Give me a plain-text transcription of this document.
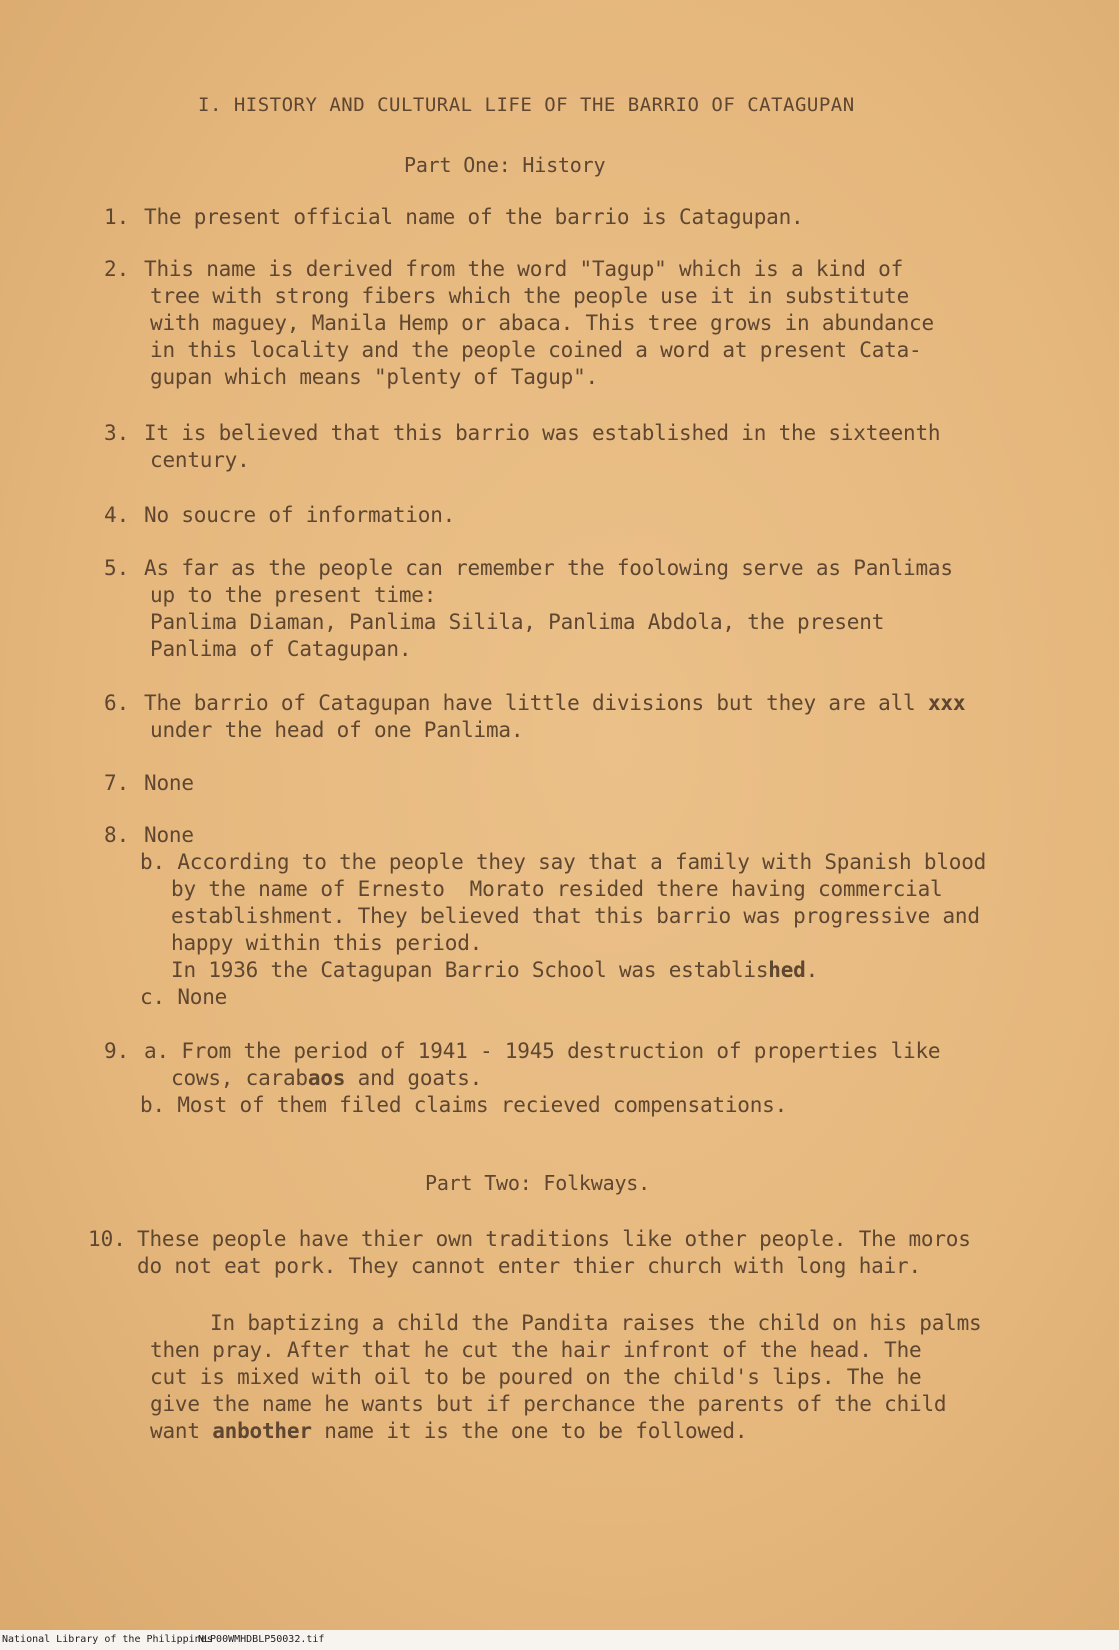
I. HISTORY AND CULTURAL LIFE OF THE BARRIO OF CATAGUPAN
Part One: History
1. The present official name of the barrio is Catagupan.
2. This name is derived from the word "Tagup" which is a kind of
tree with strong fibers which the people use it in substitute
with maguey, Manila Hemp or abaca. This tree grows in abundance
in this locality and the people coined a word at present Cata-
gupan which means "plenty of Tagup".
3. It is believed that this barrio was established in the sixteenth
century.
4. No soucre of information.
5. As far as the people can remember the foolowing serve as Panlimas
up to the present time:
Panlima Diaman, Panlima Silila, Panlima Abdola, the present
Panlima of Catagupan.
6. The barrio of Catagupan have little divisions but they are all xxx
under the head of one Panlima.
7. None
8. None
b. According to the people they say that a family with Spanish blood
by the name of Ernesto  Morato resided there having commercial
establishment. They believed that this barrio was progressive and
happy within this period.
In 1936 the Catagupan Barrio School was established.
c. None
9. a. From the period of 1941 - 1945 destruction of properties like
cows, carabaos and goats.
b. Most of them filed claims recieved compensations.
Part Two: Folkways.
10. These people have thier own traditions like other people. The moros
do not eat pork. They cannot enter thier church with long hair.
In baptizing a child the Pandita raises the child on his palms
then pray. After that he cut the hair infront of the head. The
cut is mixed with oil to be poured on the child's lips. The he
give the name he wants but if perchance the parents of the child
want anbother name it is the one to be followed.
National Library of the Philippines
NLP00WMHDBLP50032.tif
